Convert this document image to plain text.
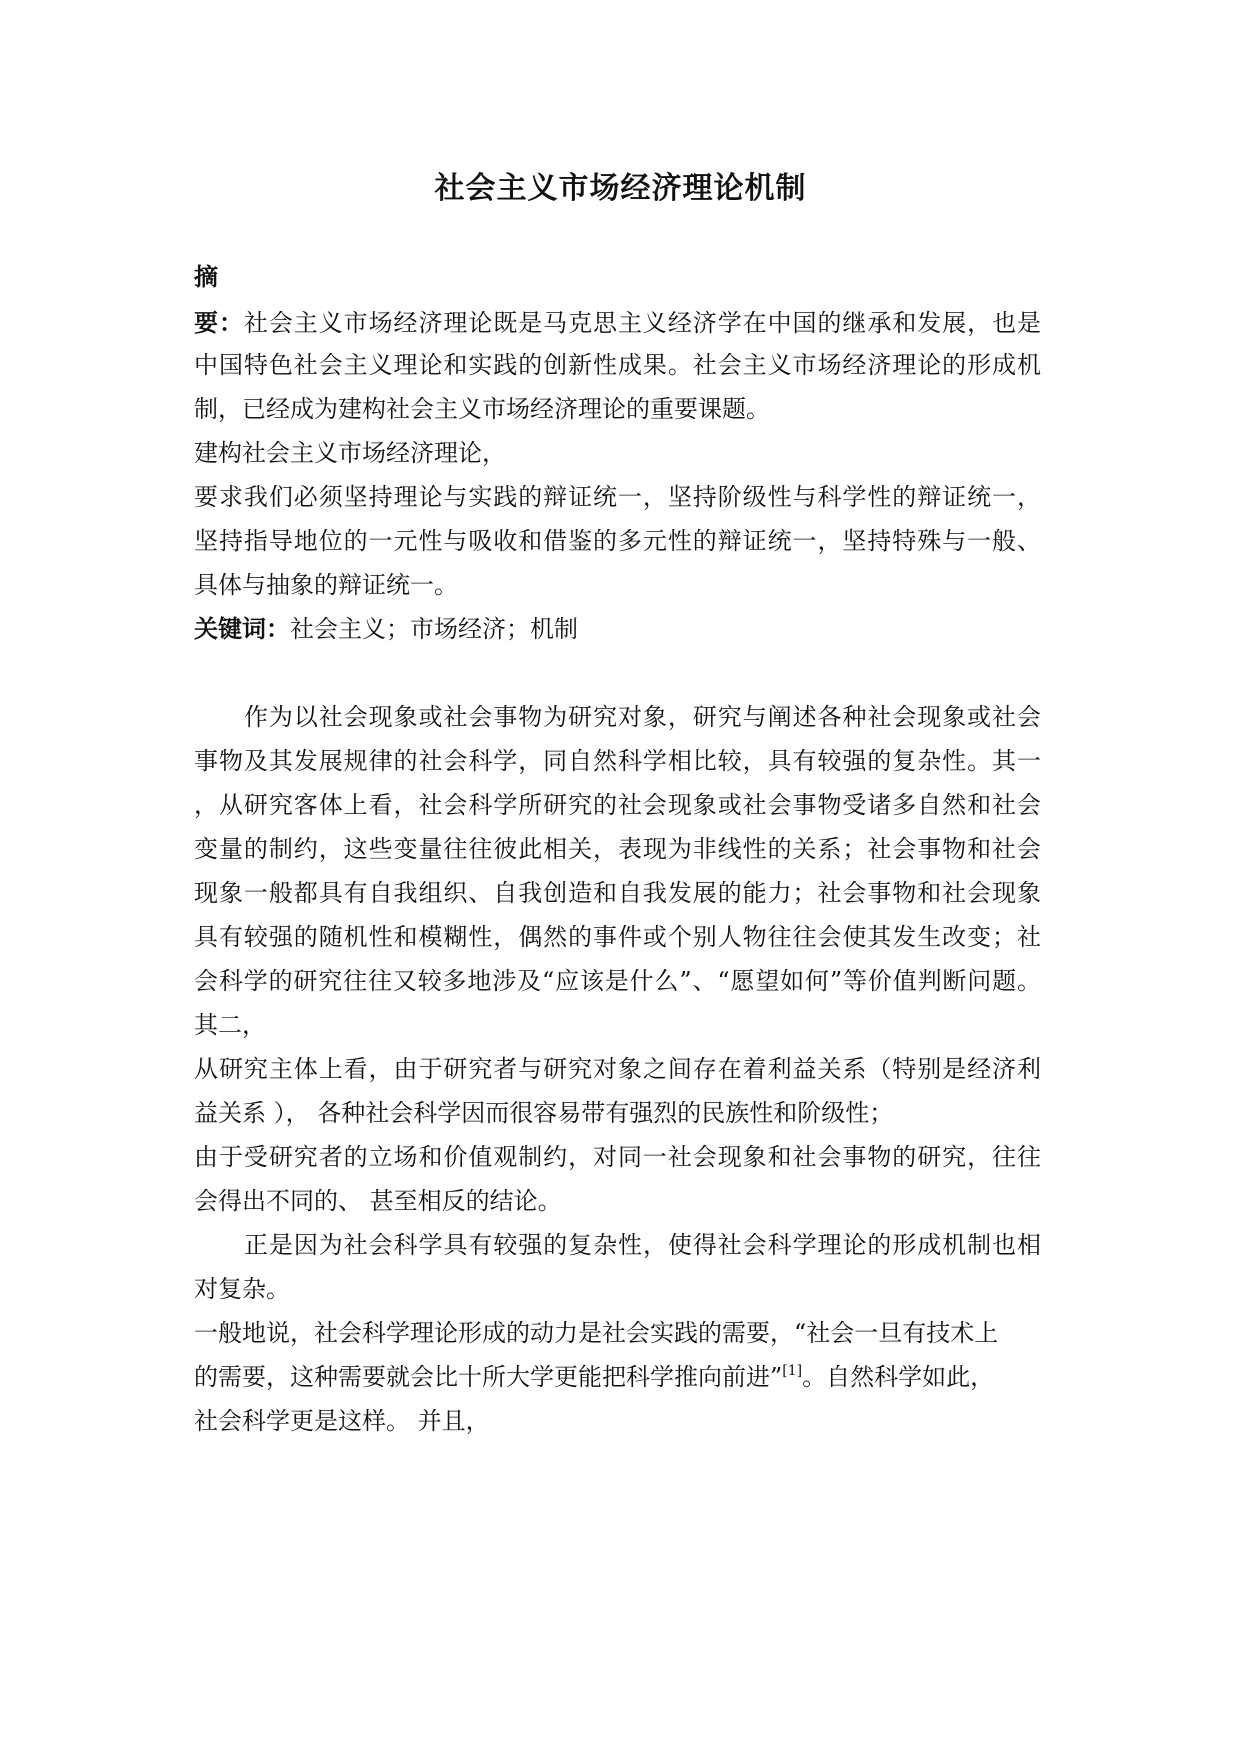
社会主义市场经济理论机制

摘

要：社会主义市场经济理论既是马克思主义经济学在中国的继承和发展，也是

中国特色社会主义理论和实践的创新性成果。社会主义市场经济理论的形成机

制，已经成为建构社会主义市场经济理论的重要课题。

建构社会主义市场经济理论，

要求我们必须坚持理论与实践的辩证统一，坚持阶级性与科学性的辩证统一，

坚持指导地位的一元性与吸收和借鉴的多元性的辩证统一，坚持特殊与一般、

具体与抽象的辩证统一。

关键词：社会主义；市场经济；机制

作为以社会现象或社会事物为研究对象，研究与阐述各种社会现象或社会

事物及其发展规律的社会科学，同自然科学相比较，具有较强的复杂性。其一

，从研究客体上看，社会科学所研究的社会现象或社会事物受诸多自然和社会

变量的制约，这些变量往往彼此相关，表现为非线性的关系；社会事物和社会

现象一般都具有自我组织、自我创造和自我发展的能力；社会事物和社会现象

具有较强的随机性和模糊性，偶然的事件或个别人物往往会使其发生改变；社

会科学的研究往往又较多地涉及“应该是什么”、“愿望如何”等价值判断问题。

其二，

从研究主体上看，由于研究者与研究对象之间存在着利益关系（特别是经济利

益关系 ）， 各种社会科学因而很容易带有强烈的民族性和阶级性；

由于受研究者的立场和价值观制约，对同一社会现象和社会事物的研究，往往

会得出不同的、 甚至相反的结论。

正是因为社会科学具有较强的复杂性，使得社会科学理论的形成机制也相

对复杂。

一般地说，社会科学理论形成的动力是社会实践的需要，“社会一旦有技术上

的需要，这种需要就会比十所大学更能把科学推向前进”[1]。自然科学如此，

社会科学更是这样。 并且，
